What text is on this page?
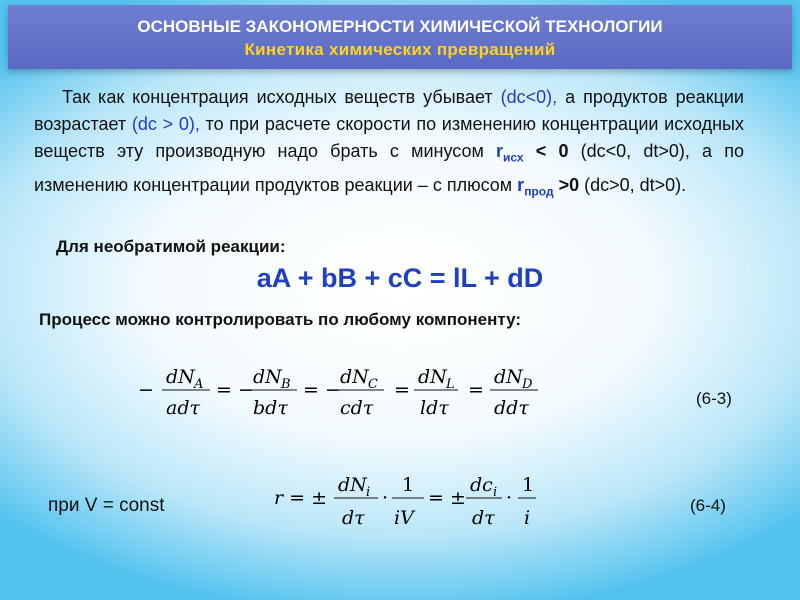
ОСНОВНЫЕ ЗАКОНОМЕРНОСТИ ХИМИЧЕСКОЙ ТЕХНОЛОГИИ
Кинетика химических превращений
Так как концентрация исходных веществ убывает (dc<0), а продуктов реакции возрастает (dc > 0), то при расчете скорости по изменению концентрации исходных веществ эту производную надо брать с минусом $r_{исх} < 0$ (dc<0, dt>0), а по изменению концентрации продуктов реакции – с плюсом $r_{прод} >0$ (dc>0, dt>0).
Для необратимой реакции:
aA + bB + cC = lL + dD
Процесс можно контролировать по любому компоненту:
−
dN A
adτ
= −
dN B
bdτ
= −
dN C
cdτ
=
dN L
ldτ
=
dN D
ddτ	(6-3)
при V = const	r = ±
dN i
dτ
·
1
iV
= ±
dc i
dτ
·
1
i
(6-4)
